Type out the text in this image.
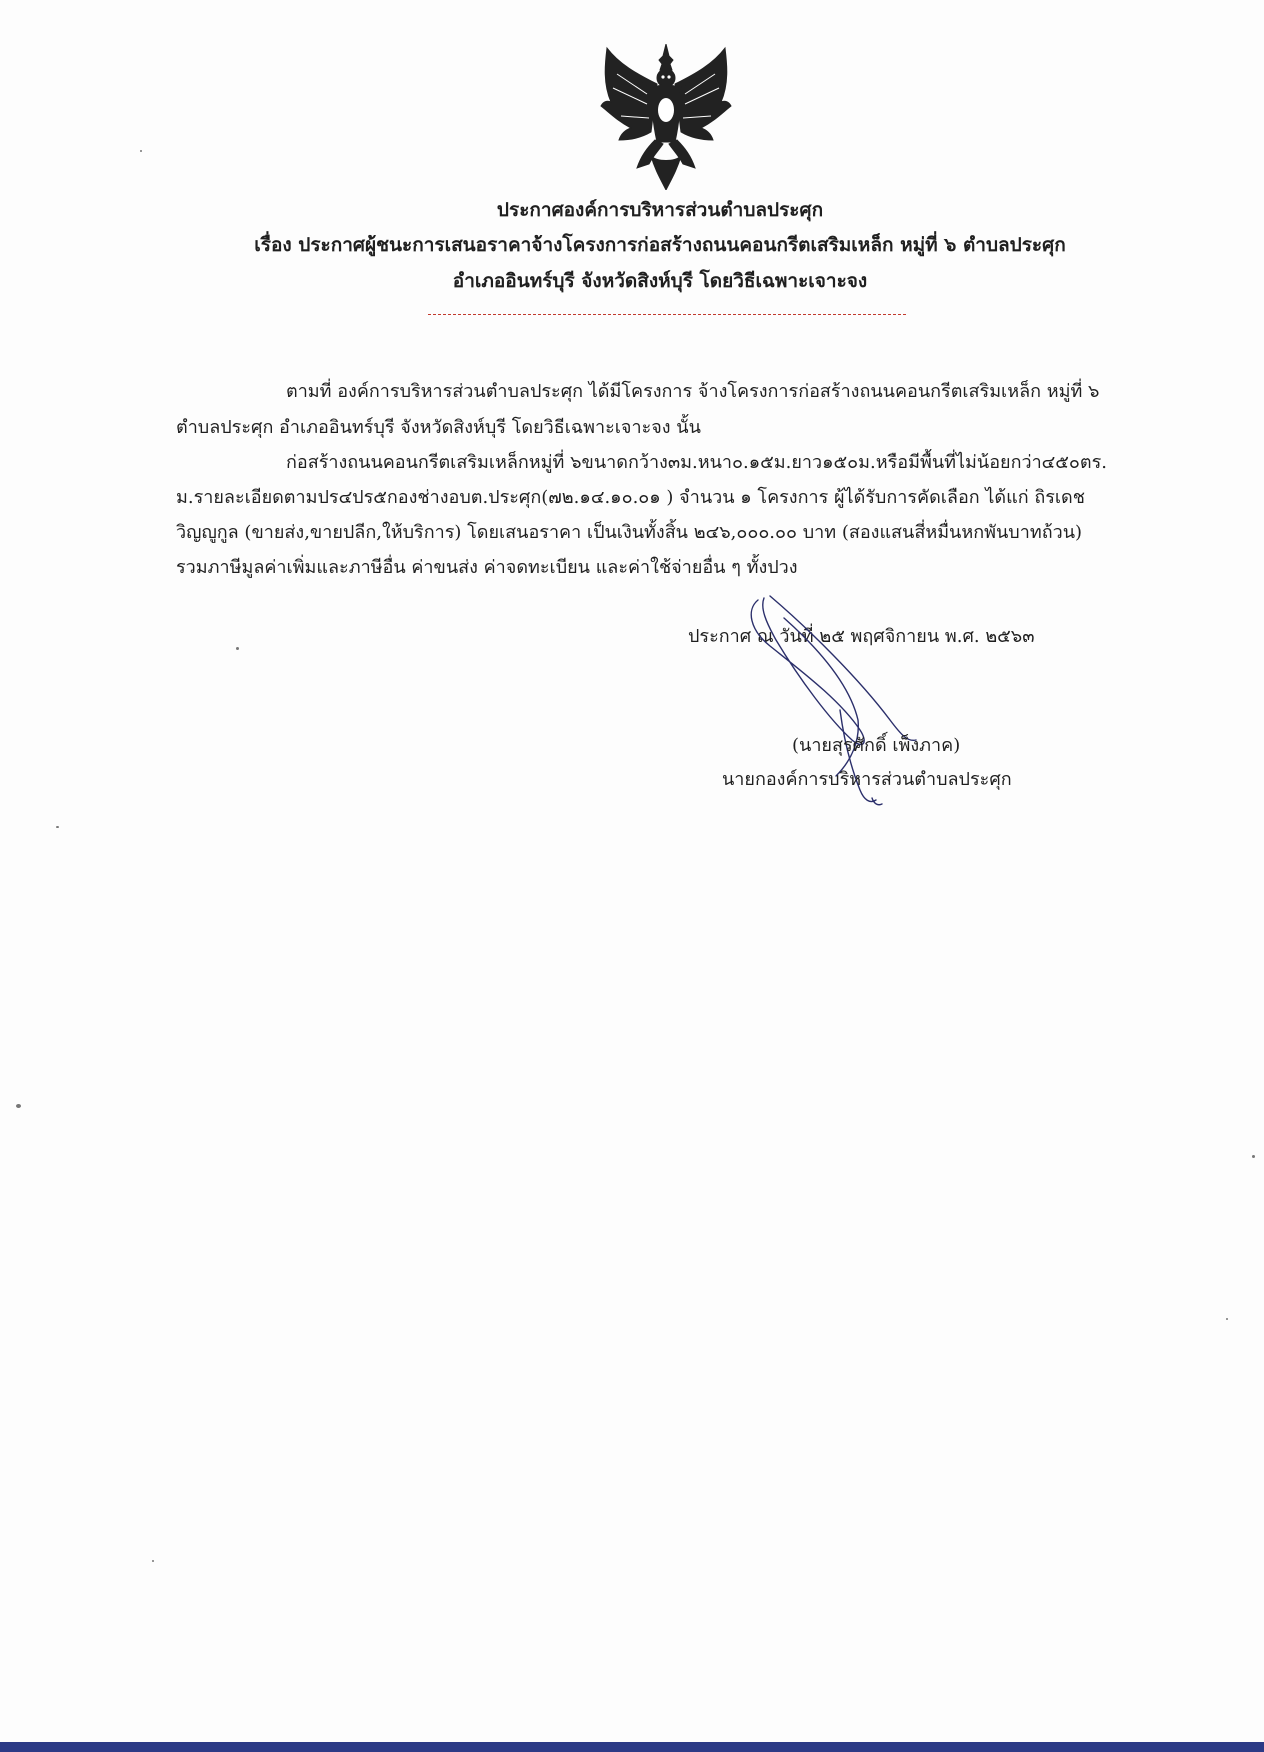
ประกาศองค์การบริหารส่วนตำบลประศุก
เรื่อง ประกาศผู้ชนะการเสนอราคาจ้างโครงการก่อสร้างถนนคอนกรีตเสริมเหล็ก หมู่ที่ ๖ ตำบลประศุก
อำเภออินทร์บุรี จังหวัดสิงห์บุรี โดยวิธีเฉพาะเจาะจง
ตามที่ องค์การบริหารส่วนตำบลประศุก ได้มีโครงการ จ้างโครงการก่อสร้างถนนคอนกรีตเสริมเหล็ก หมู่ที่ ๖
ตำบลประศุก อำเภออินทร์บุรี จังหวัดสิงห์บุรี โดยวิธีเฉพาะเจาะจง นั้น
ก่อสร้างถนนคอนกรีตเสริมเหล็กหมู่ที่ ๖ขนาดกว้าง๓ม.หนา๐.๑๕ม.ยาว๑๕๐ม.หรือมีพื้นที่ไม่น้อยกว่า๔๕๐ตร.
ม.รายละเอียดตามปร๔ปร๕กองช่างอบต.ประศุก(๗๒.๑๔.๑๐.๐๑ ) จำนวน ๑ โครงการ ผู้ได้รับการคัดเลือก ได้แก่ ถิรเดช
วิญญูกูล (ขายส่ง,ขายปลีก,ให้บริการ) โดยเสนอราคา เป็นเงินทั้งสิ้น ๒๔๖,๐๐๐.๐๐ บาท (สองแสนสี่หมื่นหกพันบาทถ้วน)
รวมภาษีมูลค่าเพิ่มและภาษีอื่น ค่าขนส่ง ค่าจดทะเบียน และค่าใช้จ่ายอื่น ๆ ทั้งปวง
ประกาศ ณ วันที่ ๒๕ พฤศจิกายน พ.ศ. ๒๕๖๓
(นายสุรศักดิ์ เพ็งภาค)
นายกองค์การบริหารส่วนตำบลประศุก
